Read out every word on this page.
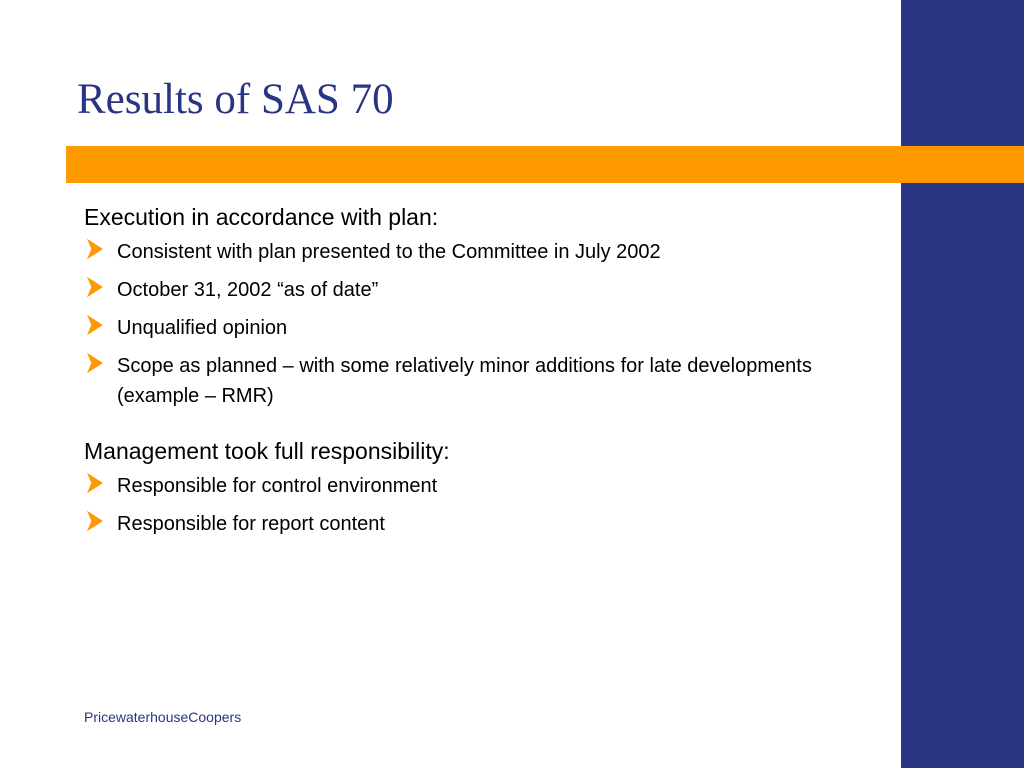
Results of SAS 70

Execution in accordance with plan:

Consistent with plan presented to the Committee in July 2002
October 31, 2002 “as of date”
Unqualified opinion
Scope as planned – with some relatively minor additions for late developments (example – RMR)

Management took full responsibility:

Responsible for control environment
Responsible for report content
PricewaterhouseCoopers	16
